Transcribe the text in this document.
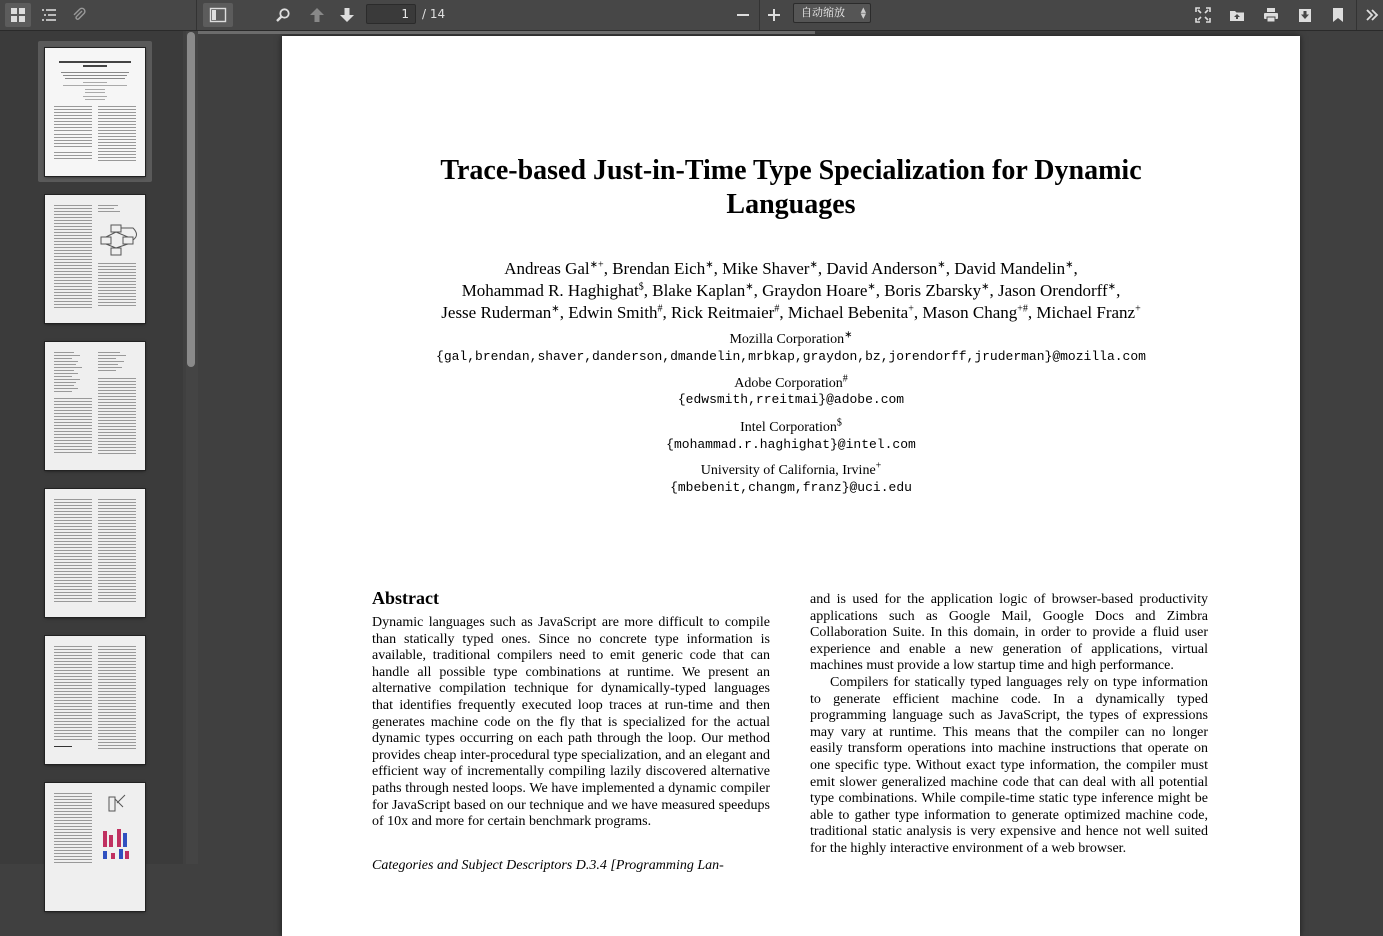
1
/ 14	自动缩放 ▲
▼
Trace-based Just-in-Time Type Specialization for Dynamic
Languages
Andreas Gal∗+, Brendan Eich∗, Mike Shaver∗, David Anderson∗, David Mandelin∗,
Mohammad R. Haghighat$, Blake Kaplan∗, Graydon Hoare∗, Boris Zbarsky∗, Jason Orendorff∗,
Jesse Ruderman∗, Edwin Smith#, Rick Reitmaier#, Michael Bebenita+, Mason Chang+#, Michael Franz+
Mozilla Corporation∗
{gal,brendan,shaver,danderson,dmandelin,mrbkap,graydon,bz,jorendorff,jruderman}@mozilla.com
Adobe Corporation#
{edwsmith,rreitmai}@adobe.com
Intel Corporation$
{mohammad.r.haghighat}@intel.com
University of California, Irvine+
{mbebenit,changm,franz}@uci.edu
Abstract
Dynamic languages such as JavaScript are more difficult to compile than statically typed ones. Since no concrete type information is available, traditional compilers need to emit generic code that can handle all possible type combinations at runtime. We present an alternative compilation technique for dynamically-typed languages that identifies frequently executed loop traces at run-time and then generates machine code on the fly that is specialized for the actual dynamic types occurring on each path through the loop. Our method provides cheap inter-procedural type specialization, and an elegant and efficient way of incrementally compiling lazily discovered alternative paths through nested loops. We have implemented a dynamic compiler for JavaScript based on our technique and we have measured speedups of 10x and more for certain benchmark programs.
Categories and Subject Descriptors D.3.4 [Programming Lan-
and is used for the application logic of browser-based productivity applications such as Google Mail, Google Docs and Zimbra Collaboration Suite. In this domain, in order to provide a fluid user experience and enable a new generation of applications, virtual machines must provide a low startup time and high performance.
Compilers for statically typed languages rely on type information to generate efficient machine code. In a dynamically typed programming language such as JavaScript, the types of expressions may vary at runtime. This means that the compiler can no longer easily transform operations into machine instructions that operate on one specific type. Without exact type information, the compiler must emit slower generalized machine code that can deal with all potential type combinations. While compile-time static type inference might be able to gather type information to generate optimized machine code, traditional static analysis is very expensive and hence not well suited for the highly interactive environment of a web browser.
